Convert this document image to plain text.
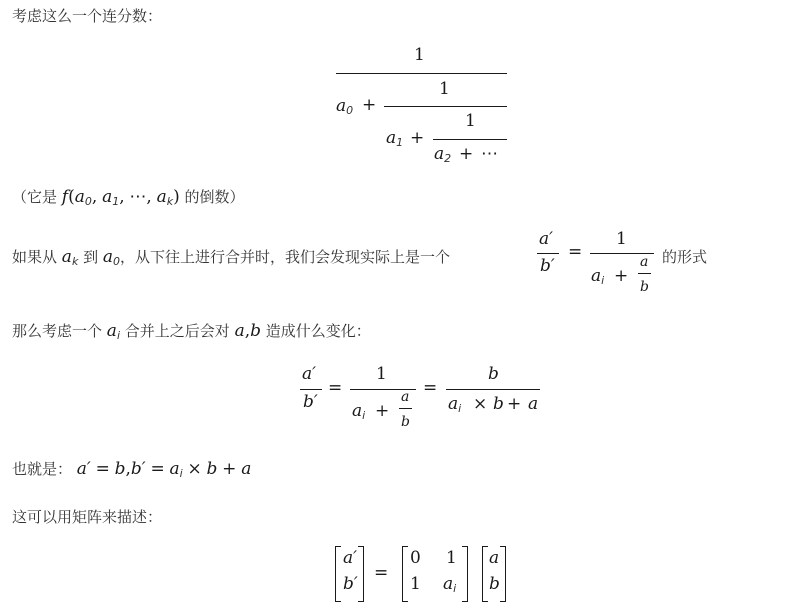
考虑这么一个连分数：
1
$a_0$ +
1
$a_1$ +
1
$a_2$ + ⋯
（它是 $f(a_0$, $a_1$, ⋯, $a_k$) 的倒数）
如果从 $a_k$ 到 $a_0$，从下往上进行合并时，我们会发现实际上是一个
a′
b′
=
1
$a_i$ +
a
b
的形式
那么考虑一个 $a_i$ 合并上之后会对 a,b 造成什么变化：
a′
b′
=
1
$a_i$ +
a
b
=
b
$a_i \times b + a$
也就是： $a' = b,b' = a_i \times b + a$
这可以用矩阵来描述：
a′
b′
=
0 1
1 $a_i$
a
b
